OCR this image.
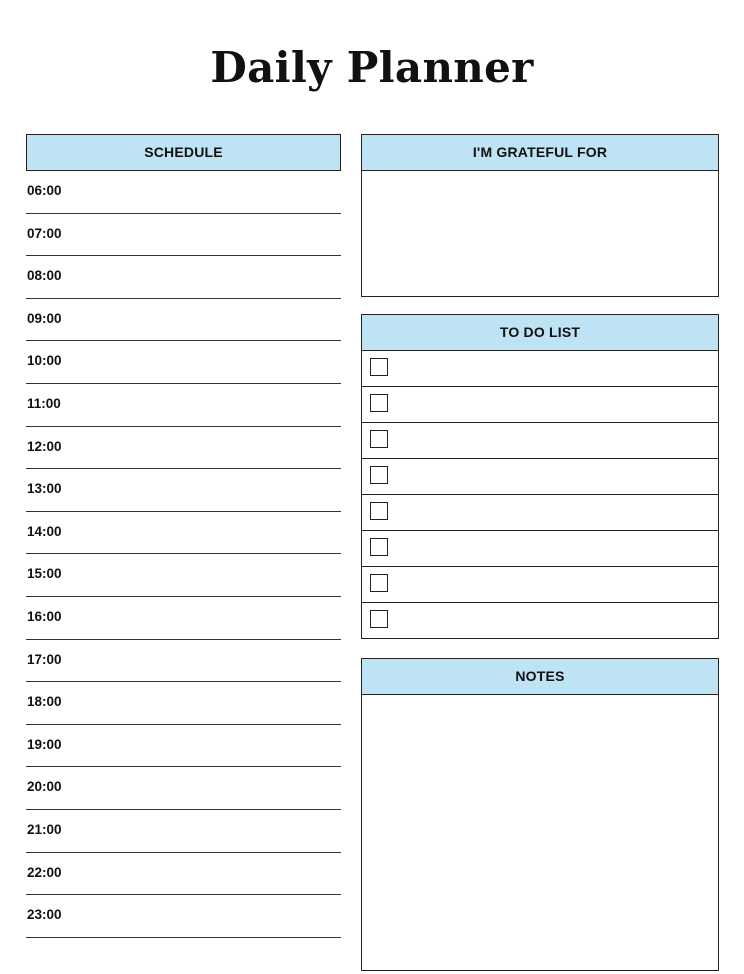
Daily Planner
SCHEDULE
06:00
07:00
08:00
09:00
10:00
11:00
12:00
13:00
14:00
15:00
16:00
17:00
18:00
19:00
20:00
21:00
22:00
23:00
I'M GRATEFUL FOR
TO DO LIST
NOTES
